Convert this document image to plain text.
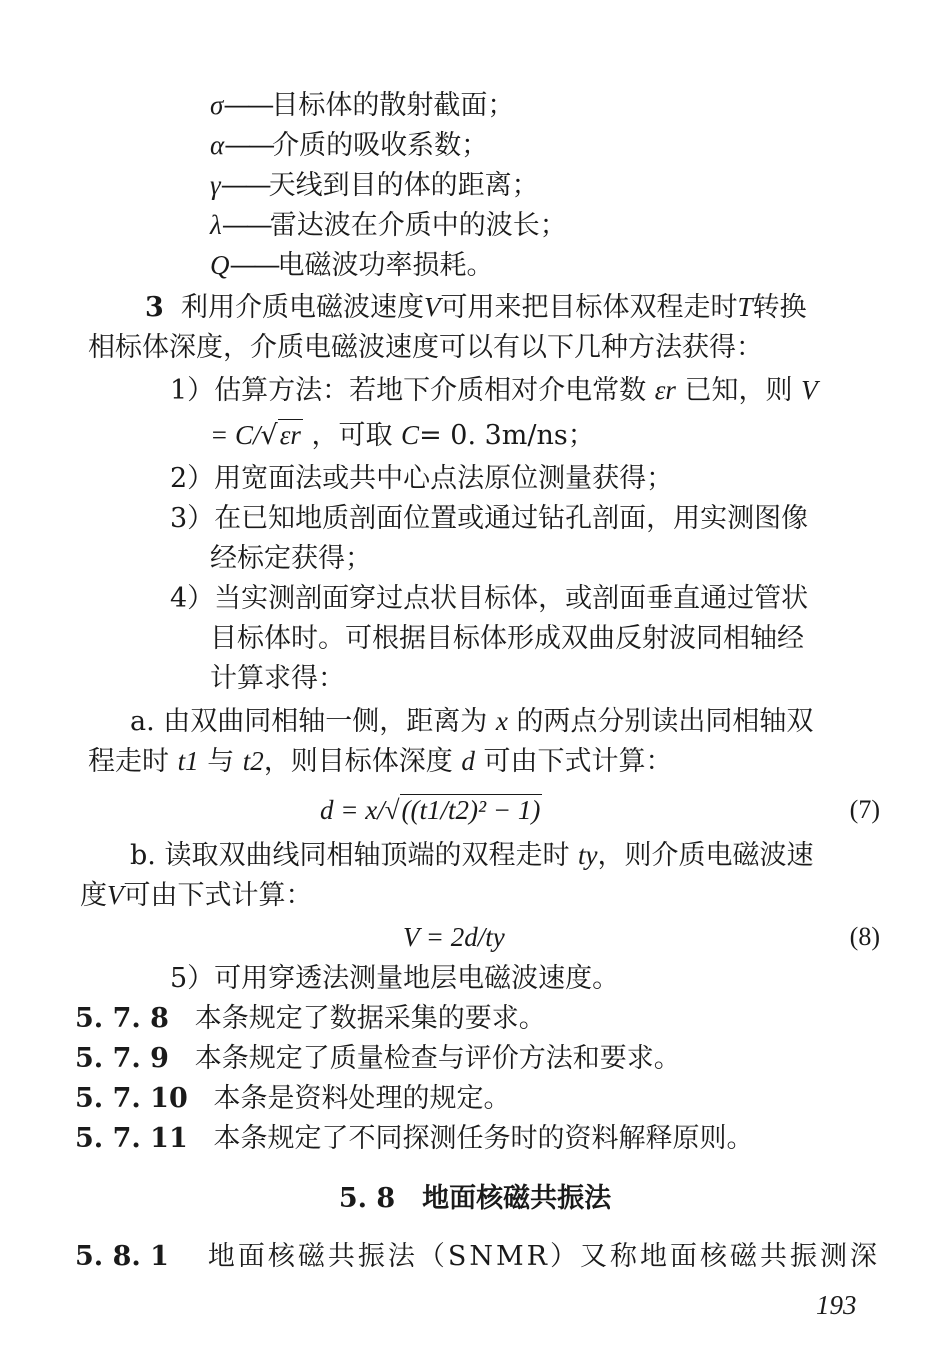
σ——目标体的散射截面；
α——介质的吸收系数；
γ——天线到目的体的距离；
λ——雷达波在介质中的波长；
Q——电磁波功率损耗。
3 利用介质电磁波速度V可用来把目标体双程走时T转换
相标体深度，介质电磁波速度可以有以下几种方法获得：
1）估算方法：若地下介质相对介电常数 εr 已知，则 V
= C/√εr ，可取 C= 0. 3m/ns；
2）用宽面法或共中心点法原位测量获得；
3）在已知地质剖面位置或通过钻孔剖面，用实测图像
经标定获得；
4）当实测剖面穿过点状目标体，或剖面垂直通过管状
目标体时。可根据目标体形成双曲反射波同相轴经
计算求得：
a. 由双曲同相轴一侧，距离为 x 的两点分别读出同相轴双
程走时 t1 与 t2，则目标体深度 d 可由下式计算：
d = x/√((t1/t2)² − 1)	(7)
b. 读取双曲线同相轴顶端的双程走时 ty，则介质电磁波速
度V可由下式计算：
V = 2d/ty	(8)
5）可用穿透法测量地层电磁波速度。
5. 7. 8 本条规定了数据采集的要求。
5. 7. 9 本条规定了质量检查与评价方法和要求。
5. 7. 10 本条是资料处理的规定。
5. 7. 11 本条规定了不同探测任务时的资料解释原则。
5. 8　地面核磁共振法
5. 8. 1 地面核磁共振法（SNMR）又称地面核磁共振测深
193
